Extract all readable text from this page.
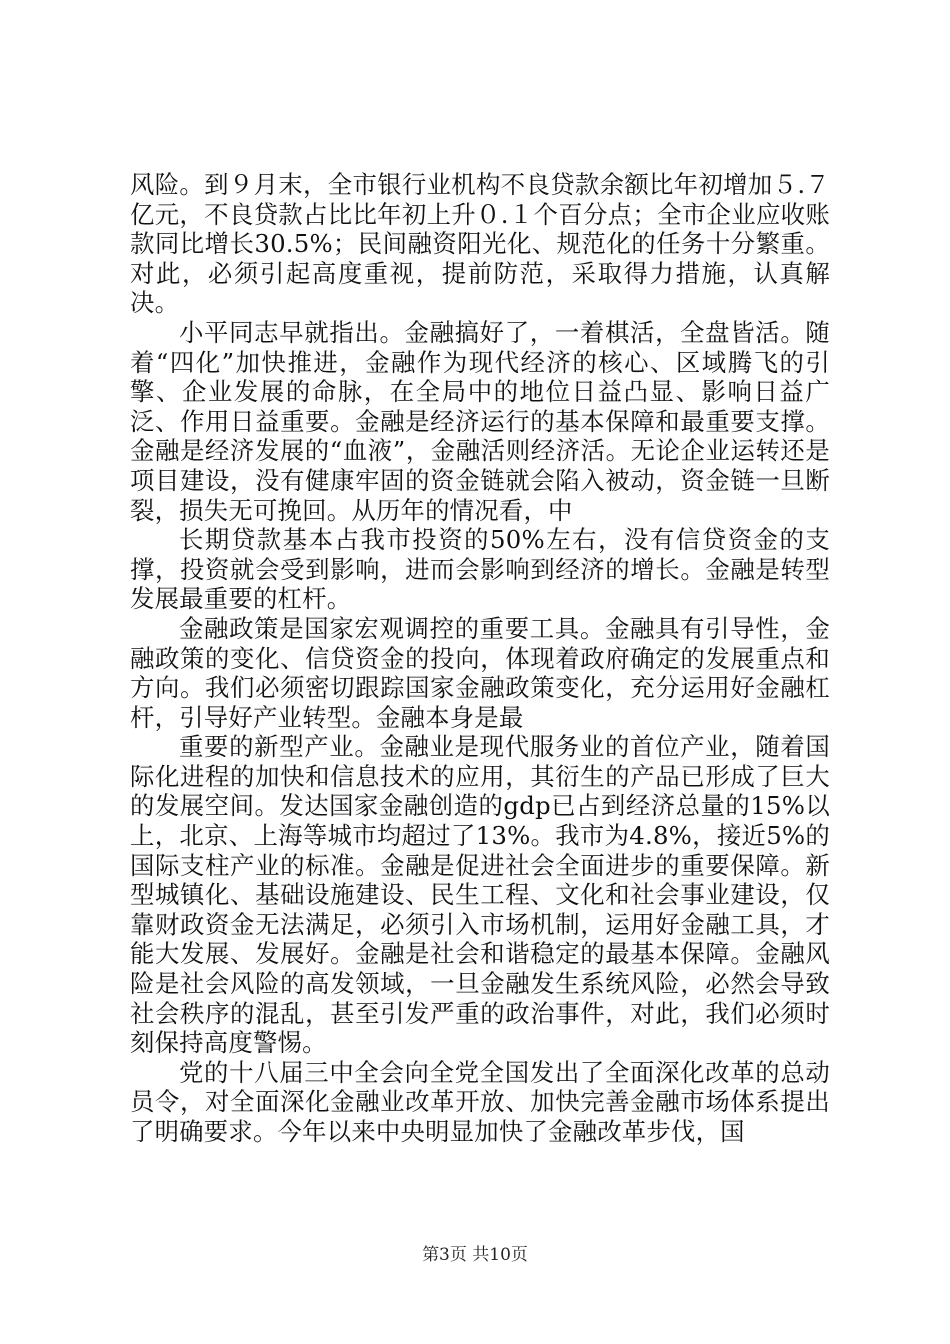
风险。到９月末，全市银行业机构不良贷款余额比年初增加５.７亿元，不良贷款占比比年初上升０.１个百分点；全市企业应收账款同比增长30.5%；民间融资阳光化、规范化的任务十分繁重。对此，必须引起高度重视，提前防范，采取得力措施，认真解决。

小平同志早就指出。金融搞好了，一着棋活，全盘皆活。随着“四化”加快推进，金融作为现代经济的核心、区域腾飞的引擎、企业发展的命脉，在全局中的地位日益凸显、影响日益广泛、作用日益重要。金融是经济运行的基本保障和最重要支撑。金融是经济发展的“血液”，金融活则经济活。无论企业运转还是项目建设，没有健康牢固的资金链就会陷入被动，资金链一旦断裂，损失无可挽回。从历年的情况看，中

长期贷款基本占我市投资的50%左右，没有信贷资金的支撑，投资就会受到影响，进而会影响到经济的增长。金融是转型发展最重要的杠杆。

金融政策是国家宏观调控的重要工具。金融具有引导性，金融政策的变化、信贷资金的投向，体现着政府确定的发展重点和方向。我们必须密切跟踪国家金融政策变化，充分运用好金融杠杆，引导好产业转型。金融本身是最

重要的新型产业。金融业是现代服务业的首位产业，随着国际化进程的加快和信息技术的应用，其衍生的产品已形成了巨大的发展空间。发达国家金融创造的gdp已占到经济总量的15%以上，北京、上海等城市均超过了13%。我市为4.8%，接近5%的国际支柱产业的标准。金融是促进社会全面进步的重要保障。新型城镇化、基础设施建设、民生工程、文化和社会事业建设，仅靠财政资金无法满足，必须引入市场机制，运用好金融工具，才能大发展、发展好。金融是社会和谐稳定的最基本保障。金融风险是社会风险的高发领域，一旦金融发生系统风险，必然会导致社会秩序的混乱，甚至引发严重的政治事件，对此，我们必须时刻保持高度警惕。

党的十八届三中全会向全党全国发出了全面深化改革的总动员令，对全面深化金融业改革开放、加快完善金融市场体系提出了明确要求。今年以来中央明显加快了金融改革步伐，国

第3页 共10页
